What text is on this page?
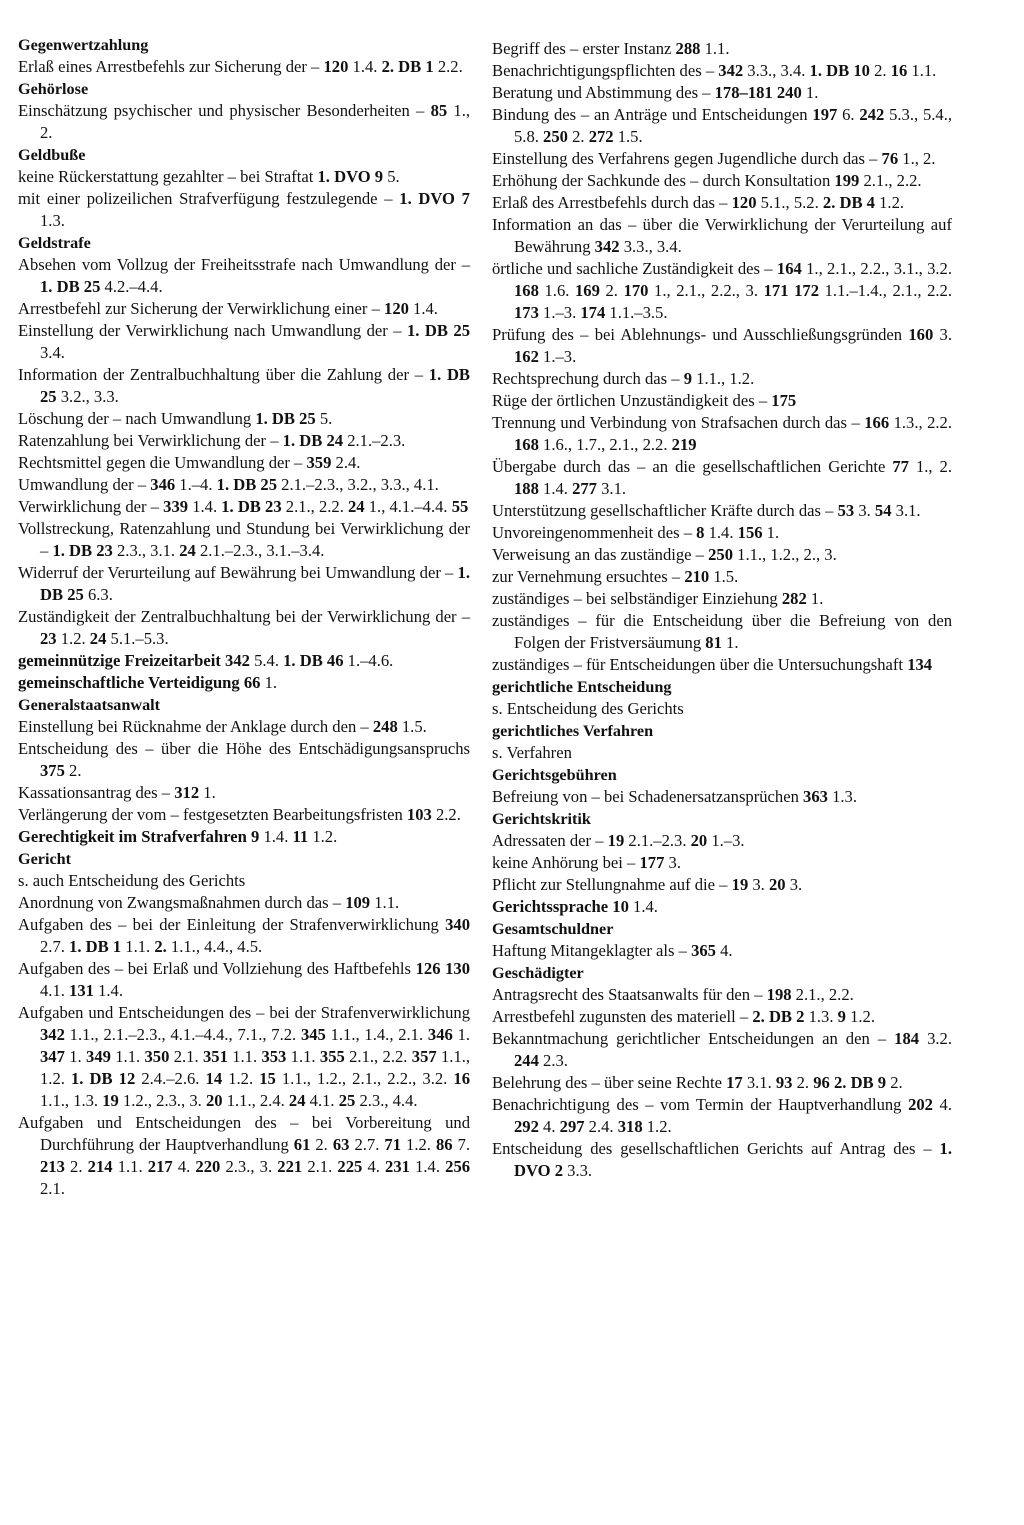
Gegenwertzahlung
Erlaß eines Arrestbefehls zur Sicherung der – 120 1.4. 2. DB 1 2.2.
Gehörlose
Einschätzung psychischer und physischer Besonderheiten – 85 1., 2.
Geldbuße
keine Rückerstattung gezahlter – bei Straftat 1. DVO 9 5.
mit einer polizeilichen Strafverfügung festzulegende – 1. DVO 7 1.3.
Geldstrafe
Absehen vom Vollzug der Freiheitsstrafe nach Umwandlung der – 1. DB 25 4.2.–4.4.
Arrestbefehl zur Sicherung der Verwirklichung einer – 120 1.4.
Einstellung der Verwirklichung nach Umwandlung der – 1. DB 25 3.4.
Information der Zentralbuchhaltung über die Zahlung der – 1. DB 25 3.2., 3.3.
Löschung der – nach Umwandlung 1. DB 25 5.
Ratenzahlung bei Verwirklichung der – 1. DB 24 2.1.–2.3.
Rechtsmittel gegen die Umwandlung der – 359 2.4.
Umwandlung der – 346 1.–4. 1. DB 25 2.1.–2.3., 3.2., 3.3., 4.1.
Verwirklichung der – 339 1.4. 1. DB 23 2.1., 2.2. 24 1., 4.1.–4.4. 55
Vollstreckung, Ratenzahlung und Stundung bei Verwirklichung der – 1. DB 23 2.3., 3.1. 24 2.1.–2.3., 3.1.–3.4.
Widerruf der Verurteilung auf Bewährung bei Umwandlung der – 1. DB 25 6.3.
Zuständigkeit der Zentralbuchhaltung bei der Verwirklichung der – 23 1.2. 24 5.1.–5.3.
gemeinnützige Freizeitarbeit 342 5.4. 1. DB 46 1.–4.6.
gemeinschaftliche Verteidigung 66 1.
Generalstaatsanwalt
Einstellung bei Rücknahme der Anklage durch den – 248 1.5.
Entscheidung des – über die Höhe des Entschädigungsanspruchs 375 2.
Kassationsantrag des – 312 1.
Verlängerung der vom – festgesetzten Bearbeitungsfristen 103 2.2.
Gerechtigkeit im Strafverfahren 9 1.4. 11 1.2.
Gericht
s. auch Entscheidung des Gerichts
Anordnung von Zwangsmaßnahmen durch das – 109 1.1.
Aufgaben des – bei der Einleitung der Strafenverwirklichung 340 2.7. 1. DB 1 1.1. 2. 1.1., 4.4., 4.5.
Aufgaben des – bei Erlaß und Vollziehung des Haftbefehls 126 130 4.1. 131 1.4.
Aufgaben und Entscheidungen des – bei der Strafenverwirklichung 342 1.1., 2.1.–2.3., 4.1.–4.4., 7.1., 7.2. 345 1.1., 1.4., 2.1. 346 1. 347 1. 349 1.1. 350 2.1. 351 1.1. 353 1.1. 355 2.1., 2.2. 357 1.1., 1.2. 1. DB 12 2.4.–2.6. 14 1.2. 15 1.1., 1.2., 2.1., 2.2., 3.2. 16 1.1., 1.3. 19 1.2., 2.3., 3. 20 1.1., 2.4. 24 4.1. 25 2.3., 4.4.
Aufgaben und Entscheidungen des – bei Vorbereitung und Durchführung der Hauptverhandlung 61 2. 63 2.7. 71 1.2. 86 7. 213 2. 214 1.1. 217 4. 220 2.3., 3. 221 2.1. 225 4. 231 1.4. 256 2.1.
Begriff des – erster Instanz 288 1.1.
Benachrichtigungspflichten des – 342 3.3., 3.4. 1. DB 10 2. 16 1.1.
Beratung und Abstimmung des – 178–181 240 1.
Bindung des – an Anträge und Entscheidungen 197 6. 242 5.3., 5.4., 5.8. 250 2. 272 1.5.
Einstellung des Verfahrens gegen Jugendliche durch das – 76 1., 2.
Erhöhung der Sachkunde des – durch Konsultation 199 2.1., 2.2.
Erlaß des Arrestbefehls durch das – 120 5.1., 5.2. 2. DB 4 1.2.
Information an das – über die Verwirklichung der Verurteilung auf Bewährung 342 3.3., 3.4.
örtliche und sachliche Zuständigkeit des – 164 1., 2.1., 2.2., 3.1., 3.2. 168 1.6. 169 2. 170 1., 2.1., 2.2., 3. 171 172 1.1.–1.4., 2.1., 2.2. 173 1.–3. 174 1.1.–3.5.
Prüfung des – bei Ablehnungs- und Ausschließungsgründen 160 3. 162 1.–3.
Rechtsprechung durch das – 9 1.1., 1.2.
Rüge der örtlichen Unzuständigkeit des – 175
Trennung und Verbindung von Strafsachen durch das – 166 1.3., 2.2. 168 1.6., 1.7., 2.1., 2.2. 219
Übergabe durch das – an die gesellschaftlichen Gerichte 77 1., 2. 188 1.4. 277 3.1.
Unterstützung gesellschaftlicher Kräfte durch das – 53 3. 54 3.1.
Unvoreingenommenheit des – 8 1.4. 156 1.
Verweisung an das zuständige – 250 1.1., 1.2., 2., 3.
zur Vernehmung ersuchtes – 210 1.5.
zuständiges – bei selbständiger Einziehung 282 1.
zuständiges – für die Entscheidung über die Befreiung von den Folgen der Fristversäumung 81 1.
zuständiges – für Entscheidungen über die Untersuchungshaft 134
gerichtliche Entscheidung
s. Entscheidung des Gerichts
gerichtliches Verfahren
s. Verfahren
Gerichtsgebühren
Befreiung von – bei Schadenersatzansprüchen 363 1.3.
Gerichtskritik
Adressaten der – 19 2.1.–2.3. 20 1.–3.
keine Anhörung bei – 177 3.
Pflicht zur Stellungnahme auf die – 19 3. 20 3.
Gerichtssprache 10 1.4.
Gesamtschuldner
Haftung Mitangeklagter als – 365 4.
Geschädigter
Antragsrecht des Staatsanwalts für den – 198 2.1., 2.2.
Arrestbefehl zugunsten des materiell – 2. DB 2 1.3. 9 1.2.
Bekanntmachung gerichtlicher Entscheidungen an den – 184 3.2. 244 2.3.
Belehrung des – über seine Rechte 17 3.1. 93 2. 96 2. DB 9 2.
Benachrichtigung des – vom Termin der Hauptverhandlung 202 4. 292 4. 297 2.4. 318 1.2.
Entscheidung des gesellschaftlichen Gerichts auf Antrag des – 1. DVO 2 3.3.
